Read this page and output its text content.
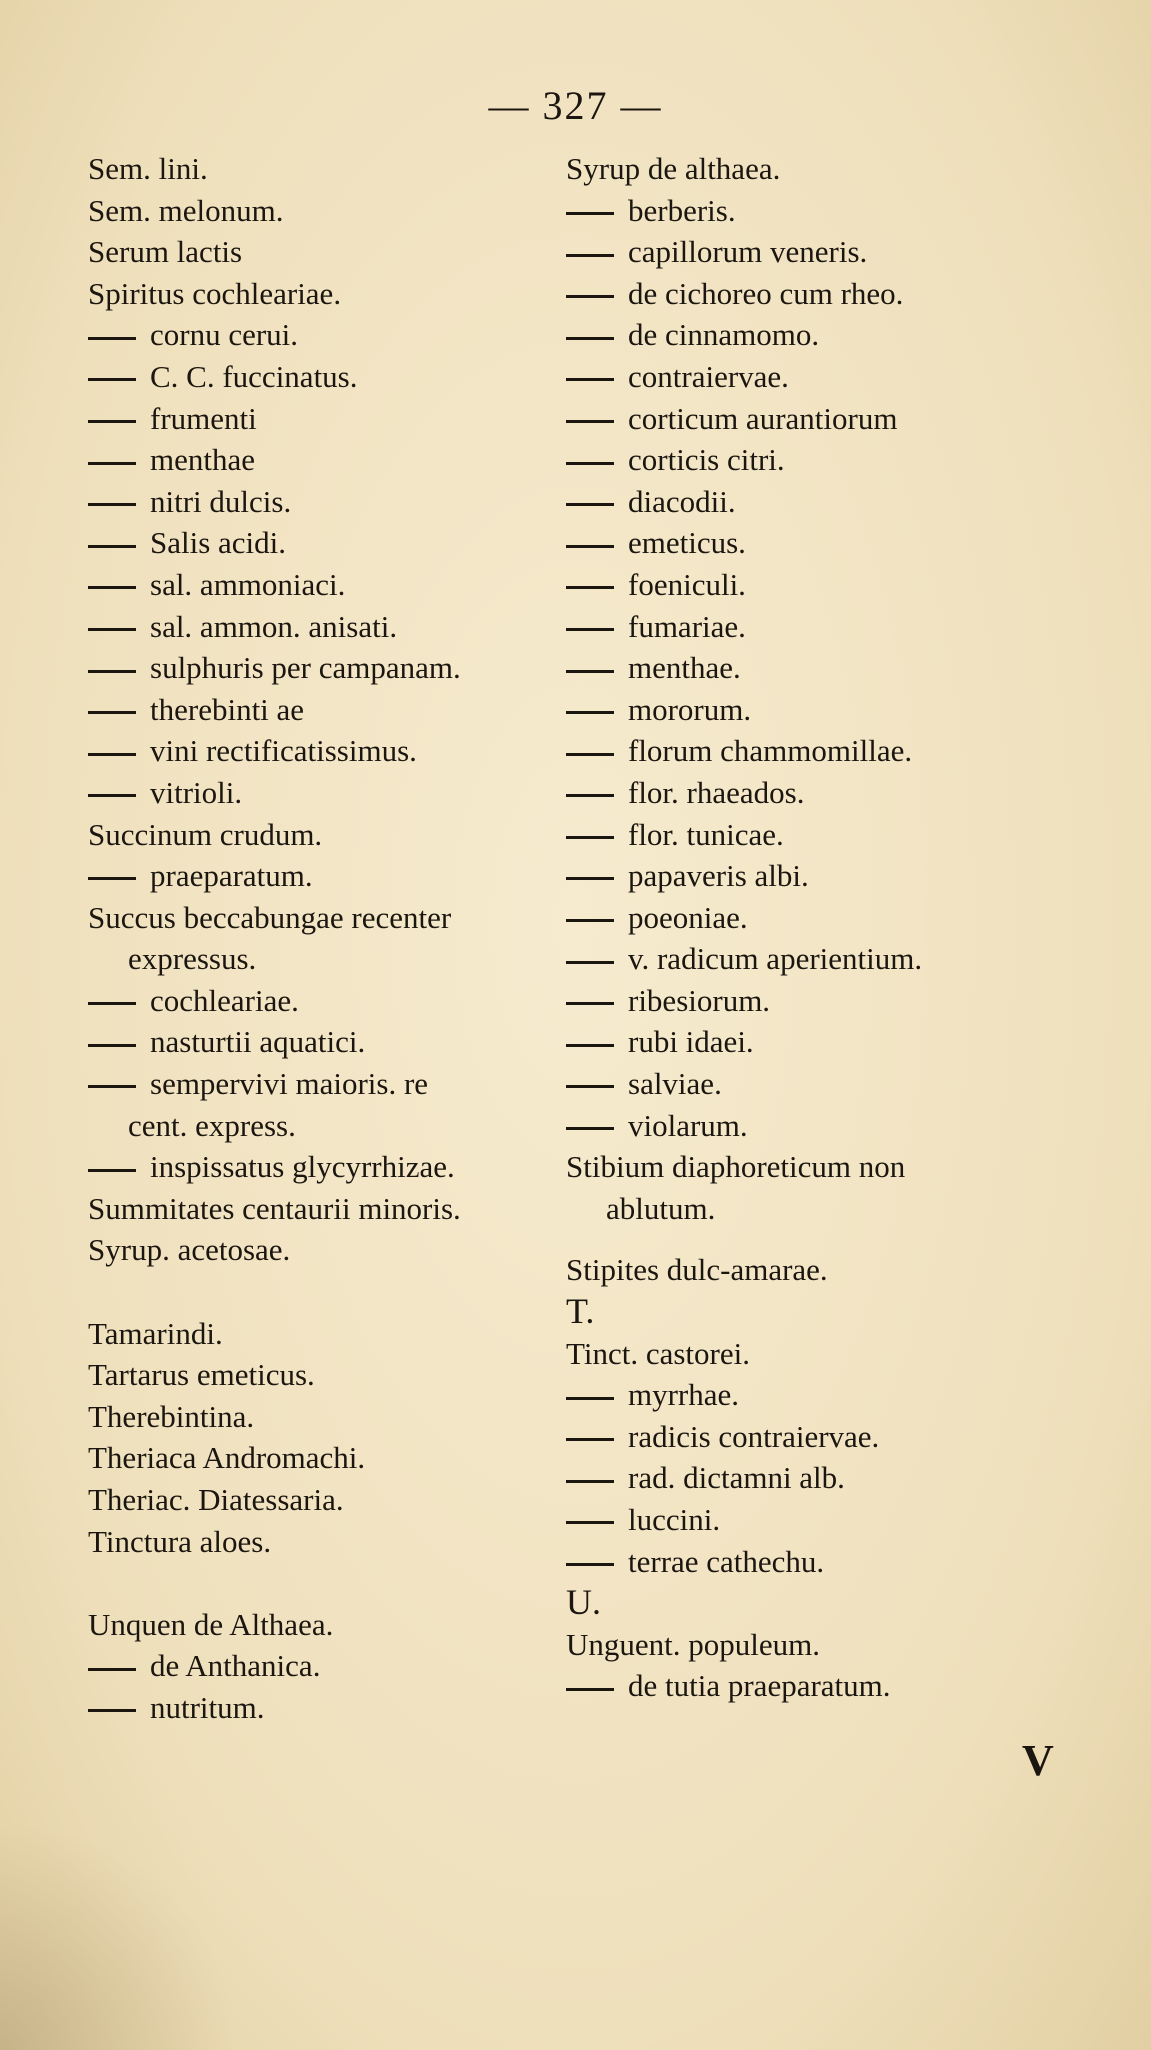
— 327 —
Sem. lini.
Sem. melonum.
Serum lactis
Spiritus cochleariae.
cornu cerui.
C. C. fuccinatus.
frumenti
menthae
nitri dulcis.
Salis acidi.
sal. ammoniaci.
sal. ammon. anisati.
sulphuris per campanam.
therebinti ae
vini rectificatissimus.
vitrioli.
Succinum crudum.
praeparatum.
Succus beccabungae recenter
expressus.
cochleariae.
nasturtii aquatici.
sempervivi maioris. re
cent. express.
inspissatus glycyrrhizae.
Summitates centaurii minoris.
Syrup. acetosae.
Tamarindi.
Tartarus emeticus.
Therebintina.
Theriaca Andromachi.
Theriac. Diatessaria.
Tinctura aloes.
Unquen de Althaea.
de Anthanica.
nutritum.
Syrup de althaea.
berberis.
capillorum veneris.
de cichoreo cum rheo.
de cinnamomo.
contraiervae.
corticum aurantiorum
corticis citri.
diacodii.
emeticus.
foeniculi.
fumariae.
menthae.
mororum.
florum chammomillae.
flor. rhaeados.
flor. tunicae.
papaveris albi.
poeoniae.
v. radicum aperientium.
ribesiorum.
rubi idaei.
salviae.
violarum.
Stibium diaphoreticum non
ablutum.
Stipites dulc-amarae.
T.
Tinct. castorei.
myrrhae.
radicis contraiervae.
rad. dictamni alb.
luccini.
terrae cathechu.
U.
Unguent. populeum.
de tutia praeparatum.
V
